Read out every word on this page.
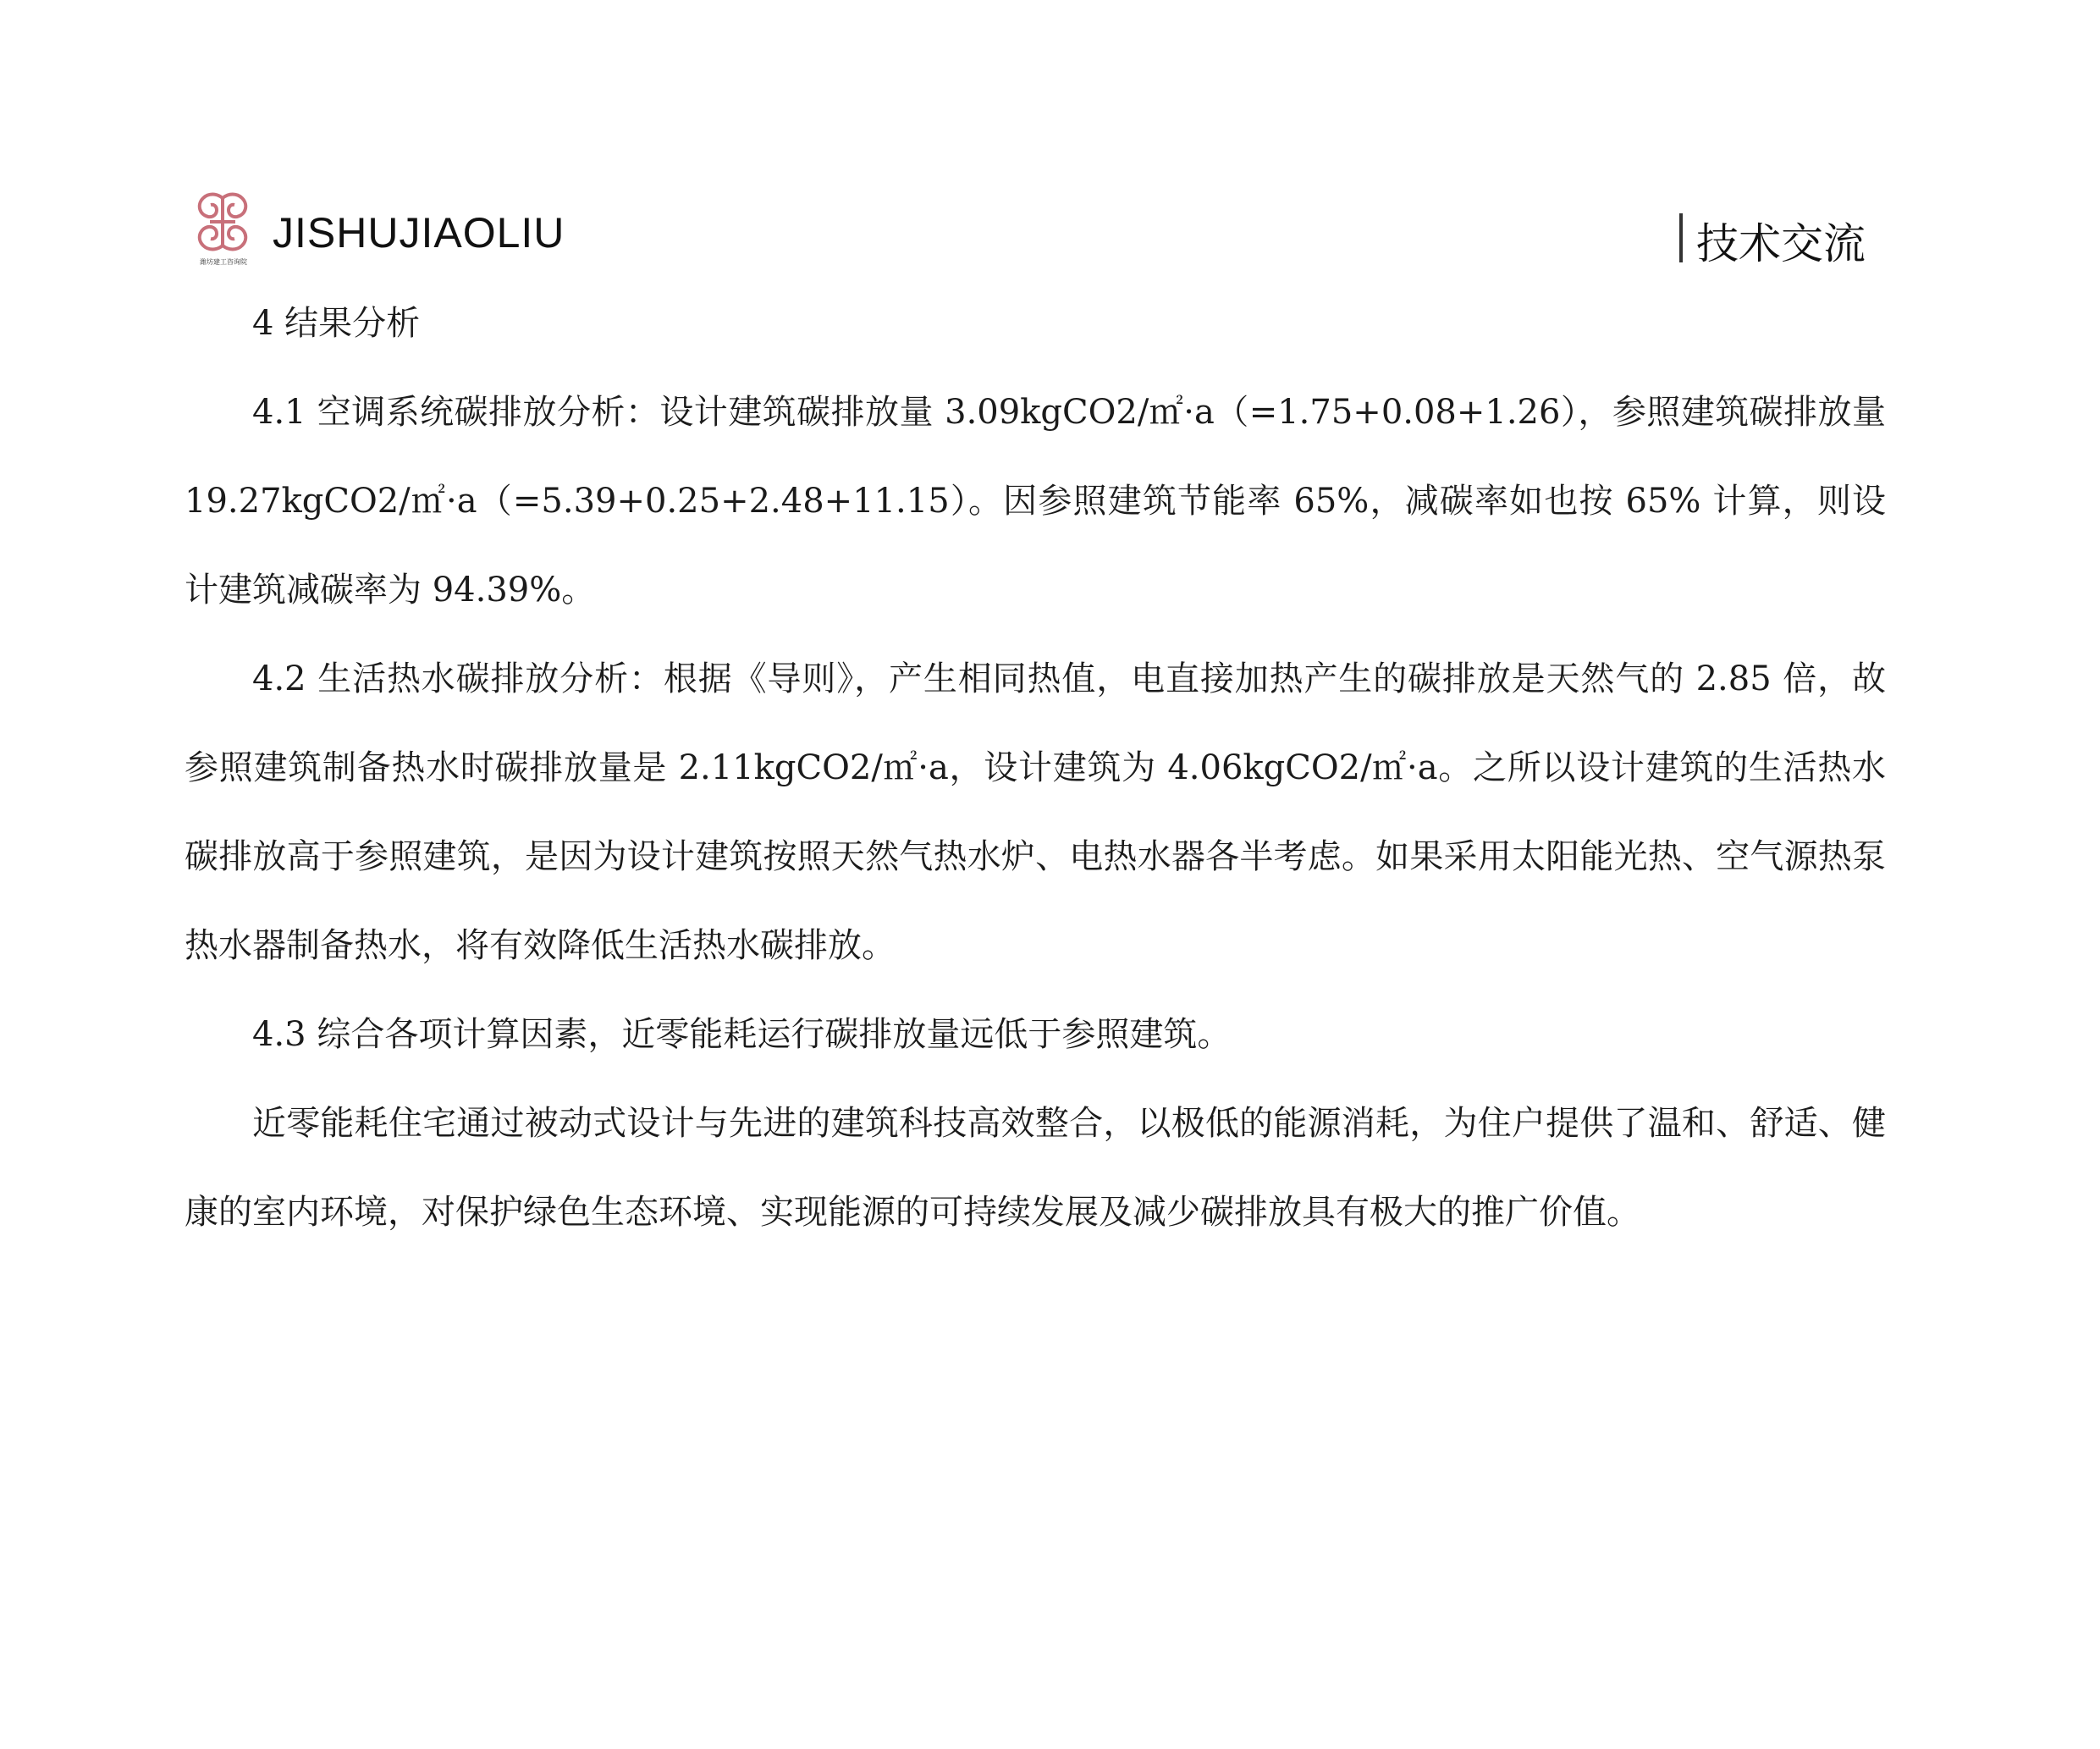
潍坊建工咨询院
JISHUJIAOLIU	技术交流

4 结果分析

4.1 空调系统碳排放分析：设计建筑碳排放量 3.09kgCO2/㎡·a（=1.75+0.08+1.26），参照建筑碳排放量 19.27kgCO2/㎡·a（=5.39+0.25+2.48+11.15）。因参照建筑节能率 65%，减碳率如也按 65% 计算，则设计建筑减碳率为 94.39%。

4.2 生活热水碳排放分析：根据《导则》，产生相同热值，电直接加热产生的碳排放是天然气的 2.85 倍，故参照建筑制备热水时碳排放量是 2.11kgCO2/㎡·a，设计建筑为 4.06kgCO2/㎡·a。之所以设计建筑的生活热水碳排放高于参照建筑，是因为设计建筑按照天然气热水炉、电热水器各半考虑。如果采用太阳能光热、空气源热泵热水器制备热水，将有效降低生活热水碳排放。

4.3 综合各项计算因素，近零能耗运行碳排放量远低于参照建筑。

近零能耗住宅通过被动式设计与先进的建筑科技高效整合，以极低的能源消耗，为住户提供了温和、舒适、健康的室内环境，对保护绿色生态环境、实现能源的可持续发展及减少碳排放具有极大的推广价值。
